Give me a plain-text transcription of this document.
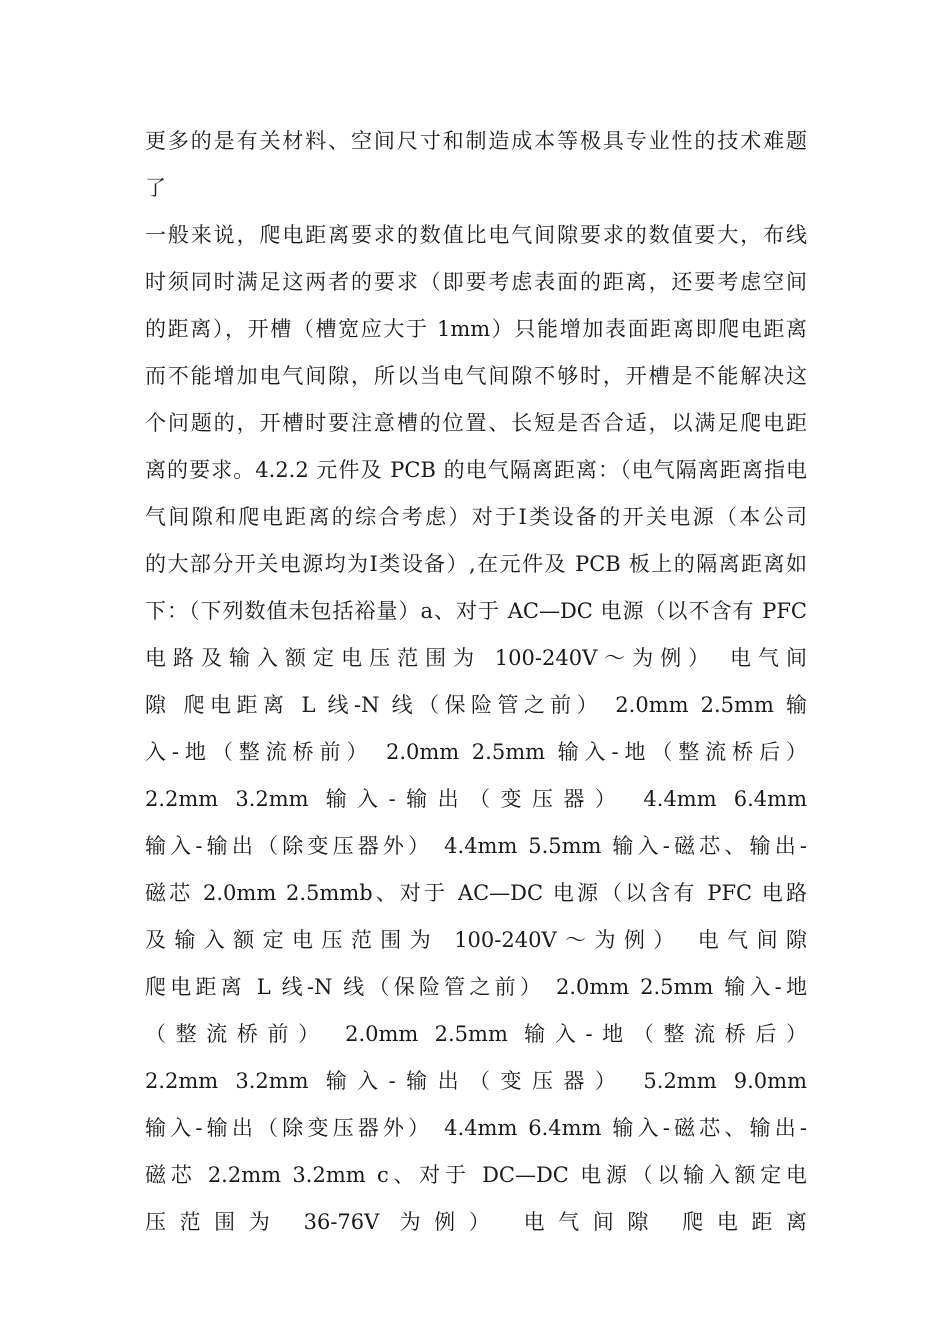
更多的是有关材料、空间尺寸和制造成本等极具专业性的技术难题
了
一般来说，爬电距离要求的数值比电气间隙要求的数值要大，布线
时须同时满足这两者的要求（即要考虑表面的距离，还要考虑空间
的距离），开槽（槽宽应大于 1mm）只能增加表面距离即爬电距离
而不能增加电气间隙，所以当电气间隙不够时，开槽是不能解决这
个问题的，开槽时要注意槽的位置、长短是否合适，以满足爬电距
离的要求。4.2.2 元件及 PCB 的电气隔离距离：（电气隔离距离指电
气间隙和爬电距离的综合考虑）对于Ⅰ类设备的开关电源（本公司
的大部分开关电源均为Ⅰ类设备）,在元件及 PCB 板上的隔离距离如
下：（下列数值未包括裕量）a、对于 AC—DC 电源（以不含有 PFC
电路及输入额定电压范围为 100-240V～为例） 电气间
隙 爬电距离 L 线-N 线（保险管之前） 2.0mm 2.5mm 输
入-地（整流桥前） 2.0mm 2.5mm 输入-地（整流桥后）
2.2mm 3.2mm 输入-输出（变压器） 4.4mm 6.4mm
输入-输出（除变压器外） 4.4mm 5.5mm 输入-磁芯、输出-
磁芯 2.0mm 2.5mmb、对于 AC—DC 电源（以含有 PFC 电路
及输入额定电压范围为 100-240V～为例） 电气间隙
爬电距离 L 线-N 线（保险管之前） 2.0mm 2.5mm 输入-地
（整流桥前） 2.0mm 2.5mm 输入-地（整流桥后）
2.2mm 3.2mm 输入-输出（变压器） 5.2mm 9.0mm
输入-输出（除变压器外） 4.4mm 6.4mm 输入-磁芯、输出-
磁芯 2.2mm 3.2mm c、对于 DC—DC 电源（以输入额定电
压范围为 36-76V 为例） 电气间隙 爬电距离
